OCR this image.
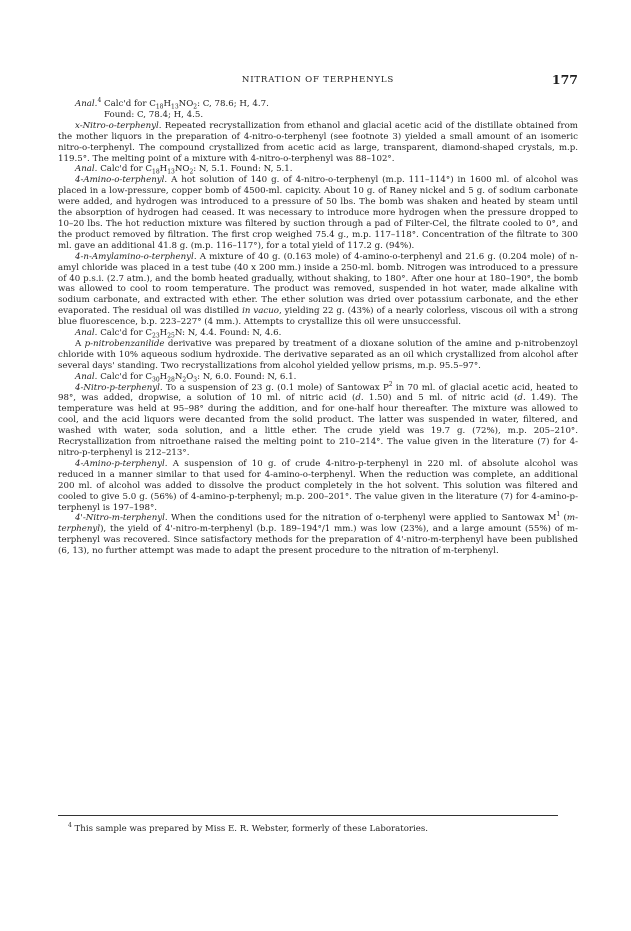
NITRATION OF TERPHENYLS	177

Anal.$^4$ Calc'd for $C_{18}H_{13}NO_2$: C, 78.6; H, 4.7.

Found: C, 78.4; H, 4.5.

x-Nitro-o-terphenyl. Repeated recrystallization from ethanol and glacial acetic acid of the distillate obtained from the mother liquors in the preparation of 4-nitro-o-terphenyl (see footnote 3) yielded a small amount of an isomeric nitro-o-terphenyl. The compound crystallized from acetic acid as large, transparent, diamond-shaped crystals, m.p. 119.5°. The melting point of a mixture with 4-nitro-o-terphenyl was 88–102°.

Anal. Calc'd for $C_{18}H_{13}NO_2$: N, 5.1. Found: N, 5.1.

4-Amino-o-terphenyl. A hot solution of 140 g. of 4-nitro-o-terphenyl (m.p. 111–114°) in 1600 ml. of alcohol was placed in a low-pressure, copper bomb of 4500-ml. capicity. About 10 g. of Raney nickel and 5 g. of sodium carbonate were added, and hydrogen was introduced to a pressure of 50 lbs. The bomb was shaken and heated by steam until the absorption of hydrogen had ceased. It was necessary to introduce more hydrogen when the pressure dropped to 10–20 lbs. The hot reduction mixture was filtered by suction through a pad of Filter-Cel, the filtrate cooled to 0°, and the product removed by filtration. The first crop weighed 75.4 g., m.p. 117–118°. Concentration of the filtrate to 300 ml. gave an additional 41.8 g. (m.p. 116–117°), for a total yield of 117.2 g. (94%).

4-n-Amylamino-o-terphenyl. A mixture of 40 g. (0.163 mole) of 4-amino-o-terphenyl and 21.6 g. (0.204 mole) of n-amyl chloride was placed in a test tube (40 x 200 mm.) inside a 250-ml. bomb. Nitrogen was introduced to a pressure of 40 p.s.i. (2.7 atm.), and the bomb heated gradually, without shaking, to 180°. After one hour at 180–190°, the bomb was allowed to cool to room temperature. The product was removed, suspended in hot water, made alkaline with sodium carbonate, and extracted with ether. The ether solution was dried over potassium carbonate, and the ether evaporated. The residual oil was distilled in vacuo, yielding 22 g. (43%) of a nearly colorless, viscous oil with a strong blue fluorescence, b.p. 223–227° (4 mm.). Attempts to crystallize this oil were unsuccessful.

Anal. Calc'd for $C_{23}H_{25}N$: N, 4.4. Found: N, 4.6.

A p-nitrobenzanilide derivative was prepared by treatment of a dioxane solution of the amine and p-nitrobenzoyl chloride with 10% aqueous sodium hydroxide. The derivative separated as an oil which crystallized from alcohol after several days' standing. Two recrystallizations from alcohol yielded yellow prisms, m.p. 95.5–97°.

Anal. Calc'd for $C_{30}H_{28}N_2O_3$: N, 6.0. Found: N, 6.1.

4-Nitro-p-terphenyl. To a suspension of 23 g. (0.1 mole) of Santowax $P^2$ in 70 ml. of glacial acetic acid, heated to 98°, was added, dropwise, a solution of 10 ml. of nitric acid (d. 1.50) and 5 ml. of nitric acid (d. 1.49). The temperature was held at 95–98° during the addition, and for one-half hour thereafter. The mixture was allowed to cool, and the acid liquors were decanted from the solid product. The latter was suspended in water, filtered, and washed with water, soda solution, and a little ether. The crude yield was 19.7 g. (72%), m.p. 205–210°. Recrystallization from nitroethane raised the melting point to 210–214°. The value given in the literature (7) for 4-nitro-p-terphenyl is 212–213°.

4-Amino-p-terphenyl. A suspension of 10 g. of crude 4-nitro-p-terphenyl in 220 ml. of absolute alcohol was reduced in a manner similar to that used for 4-amino-o-terphenyl. When the reduction was complete, an additional 200 ml. of alcohol was added to dissolve the product completely in the hot solvent. This solution was filtered and cooled to give 5.0 g. (56%) of 4-amino-p-terphenyl; m.p. 200–201°. The value given in the literature (7) for 4-amino-p-terphenyl is 197–198°.

4'-Nitro-m-terphenyl. When the conditions used for the nitration of o-terphenyl were applied to Santowax $M^1$ (m-terphenyl), the yield of 4'-nitro-m-terphenyl (b.p. 189–194°/1 mm.) was low (23%), and a large amount (55%) of m-terphenyl was recovered. Since satisfactory methods for the preparation of 4'-nitro-m-terphenyl have been published (6, 13), no further attempt was made to adapt the present procedure to the nitration of m-terphenyl.

$^4$ This sample was prepared by Miss E. R. Webster, formerly of these Laboratories.
